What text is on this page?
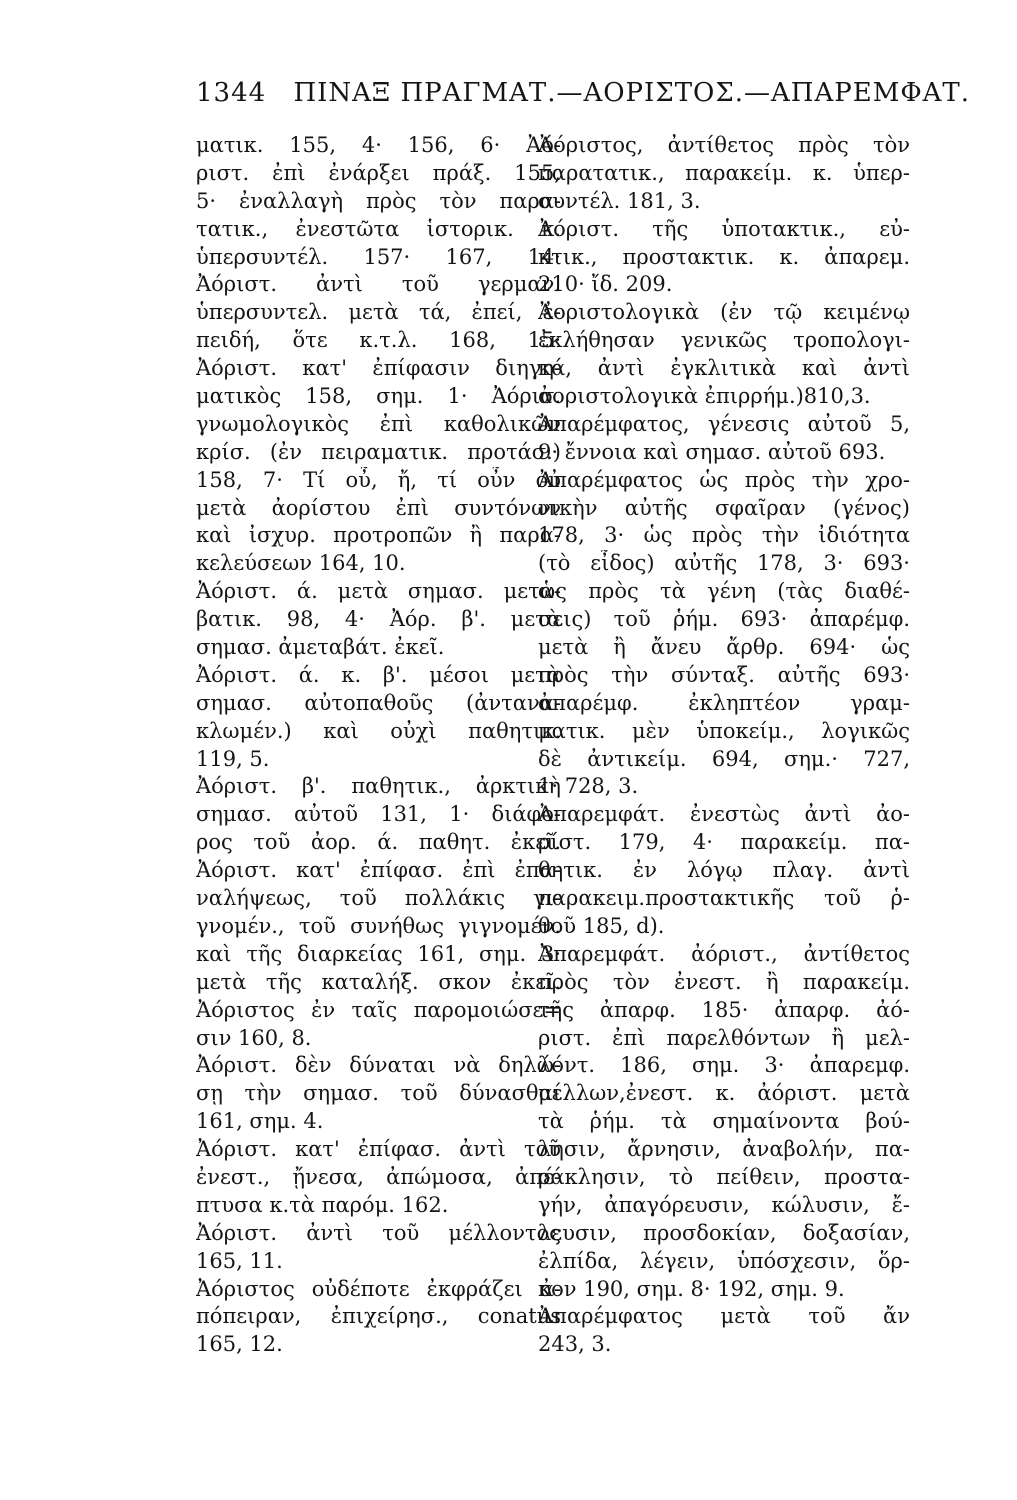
1344 ΠΙΝΑΞ ΠΡΑΓΜΑΤ.—ΑΟΡΙΣΤΟΣ.—ΑΠΑΡΕΜΦΑΤ.
ματικ. 155, 4· 156, 6· Ἀό-
ριστ. ἐπὶ ἐνάρξει πράξ. 155,
5· ἐναλλαγὴ πρὸς τὸν παρα-
τατικ., ἐνεστῶτα ἱστορικ. κ.
ὑπερσυντέλ. 157· 167, 14·
Ἀόριστ. ἀντὶ τοῦ γερμαν.
ὑπερσυντελ. μετὰ τά, ἐπεί, ἐ-
πειδή, ὅτε κ.τ.λ. 168, 15·
Ἀόριστ. κατ' ἐπίφασιν διηγη-
ματικὸς 158, σημ. 1· Ἀόρισ.
γνωμολογικὸς ἐπὶ καθολικῶν
κρίσ. (ἐν πειραματικ. προτάσ.)
158, 7· Τί οὖ, ἤ, τί οὖν οὐ
μετὰ ἀορίστου ἐπὶ συντόνων
καὶ ἰσχυρ. προτροπῶν ἢ παρα-
κελεύσεων 164, 10.
Ἀόριστ. ά. μετὰ σημασ. μετα-
βατικ. 98, 4· Ἀόρ. β'. μετὰ
σημασ. ἀμεταβάτ. ἐκεῖ.
Ἀόριστ. ά. κ. β'. μέσοι μετὰ
σημασ. αὐτοπαθοῦς (ἀντανα-
κλωμέν.) καὶ οὐχὶ παθητικ.
119, 5.
Ἀόριστ. β'. παθητικ., ἀρκτικὴ
σημασ. αὐτοῦ 131, 1· διάφο-
ρος τοῦ ἀορ. ά. παθητ. ἐκεῖ.
Ἀόριστ. κατ' ἐπίφασ. ἐπὶ ἐπα-
ναλήψεως, τοῦ πολλάκις γι-
γνομέν., τοῦ συνήθως γιγνομέν.
καὶ τῆς διαρκείας 161, σημ. 3·
μετὰ τῆς καταλήξ. σκον ἐκεῖ.
Ἀόριστος ἐν ταῖς παρομοιώσε=
σιν 160, 8.
Ἀόριστ. δὲν δύναται νὰ δηλώ-
σῃ τὴν σημασ. τοῦ δύνασθαι
161, σημ. 4.
Ἀόριστ. κατ' ἐπίφασ. ἀντὶ τοῦ
ἐνεστ., ᾔνεσα, ἀπώμοσα, ἀπέ-
πτυσα κ.τὰ παρόμ. 162.
Ἀόριστ. ἀντὶ τοῦ μέλλοντος
165, 11.
Ἀόριστος οὐδέποτε ἐκφράζει ἀ-
πόπειραν, ἐπιχείρησ., conatus
165, 12.
Ἀόριστος, ἀντίθετος πρὸς τὸν
παρατατικ., παρακείμ. κ. ὑπερ-
συντέλ. 181, 3.
Ἀόριστ. τῆς ὑποτακτικ., εὐ-
κτικ., προστακτικ. κ. ἀπαρεμ.
210· ἴδ. 209.
Ἀοριστολογικὰ (ἐν τῷ κειμένῳ
ἐκλήθησαν γενικῶς τροπολογι-
κά, ἀντὶ ἐγκλιτικὰ καὶ ἀντὶ
ἀοριστολογικὰ ἐπιρρήμ.)810,3.
Ἀπαρέμφατος, γένεσις αὐτοῦ 5,
9· ἔννοια καὶ σημασ. αὐτοῦ 693.
Ἀπαρέμφατος ὡς πρὸς τὴν χρο-
νικὴν αὐτῆς σφαῖραν (γένος)
178, 3· ὡς πρὸς τὴν ἰδιότητα
(τὸ εἶδος) αὐτῆς 178, 3· 693·
ὡς πρὸς τὰ γένη (τὰς διαθέ-
σεις) τοῦ ῥήμ. 693· ἀπαρέμφ.
μετὰ ἢ ἄνευ ἄρθρ. 694· ὡς
πρὸς τὴν σύνταξ. αὐτῆς 693·
ἀπαρέμφ. ἐκληπτέον γραμ-
ματικ. μὲν ὑποκείμ., λογικῶς
δὲ ἀντικείμ. 694, σημ.· 727,
1· 728, 3.
Ἀπαρεμφάτ. ἐνεστὼς ἀντὶ ἀο-
ρίστ. 179, 4· παρακείμ. πα-
θητικ. ἐν λόγῳ πλαγ. ἀντὶ
παρακειμ.προστακτικῆς τοῦ ῥ-
θοῦ 185, d).
Ἀπαρεμφάτ. ἀόριστ., ἀντίθετος
πρὸς τὸν ἐνεστ. ἢ παρακείμ.
τῆς ἀπαρφ. 185· ἀπαρφ. ἀό-
ριστ. ἐπὶ παρελθόντων ἢ μελ-
λόντ. 186, σημ. 3· ἀπαρεμφ.
μέλλων,ἐνεστ. κ. ἀόριστ. μετὰ
τὰ ῥήμ. τὰ σημαίνοντα βού-
λησιν, ἄρνησιν, ἀναβολήν, πα-
ράκλησιν, τὸ πείθειν, προστα-
γήν, ἀπαγόρευσιν, κώλυσιν, ἔ-
λευσιν, προσδοκίαν, δοξασίαν,
ἐλπίδα, λέγειν, ὑπόσχεσιν, ὅρ-
κον 190, σημ. 8· 192, σημ. 9.
Ἀπαρέμφατος μετὰ τοῦ ἄν
243, 3.
